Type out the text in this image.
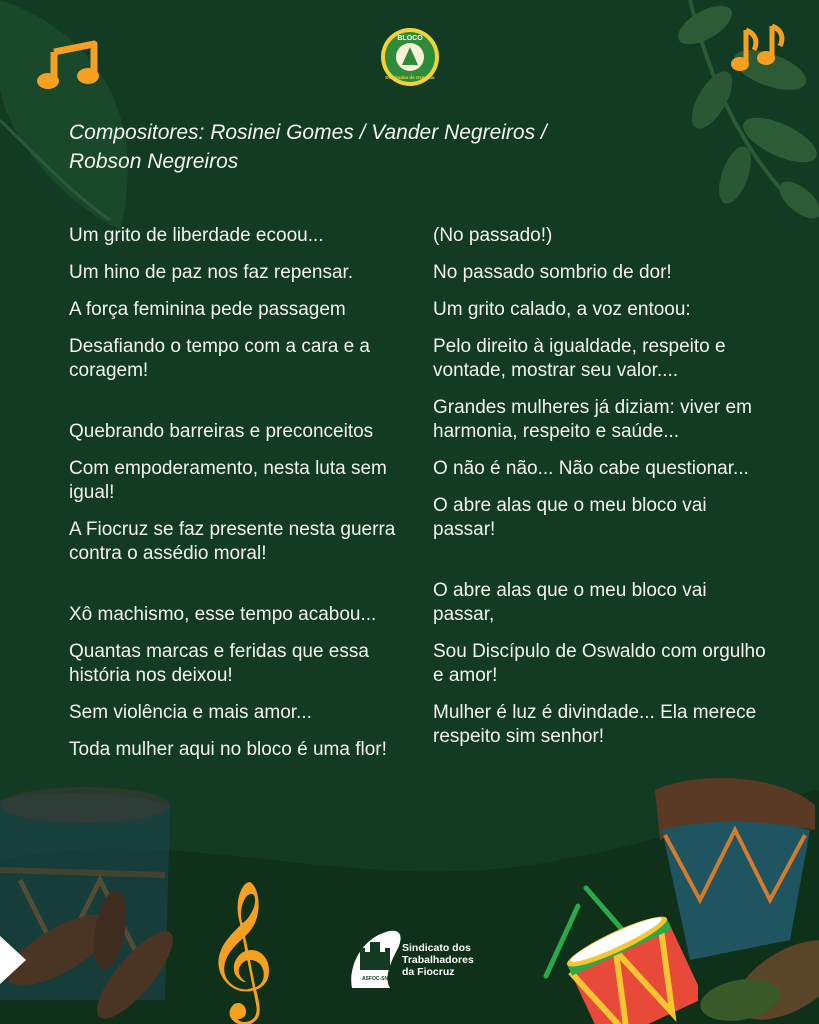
BLOCO
Discípulos de Oswaldo
Compositores: Rosinei Gomes / Vander Negreiros /
Robson Negreiros

Um grito de liberdade ecoou...

Um hino de paz nos faz repensar.

A força feminina pede passagem

Desafiando o tempo com a cara e a coragem!

Quebrando barreiras e preconceitos

Com empoderamento, nesta luta sem igual!

A Fiocruz se faz presente nesta guerra contra o assédio moral!

Xô machismo, esse tempo acabou...

Quantas marcas e feridas que essa história nos deixou!

Sem violência e mais amor...

Toda mulher aqui no bloco é uma flor!

(No passado!)

No passado sombrio de dor!

Um grito calado, a voz entoou:

Pelo direito à igualdade, respeito e vontade, mostrar seu valor....

Grandes mulheres já diziam: viver em harmonia, respeito e saúde...

O não é não... Não cabe questionar...

O abre alas que o meu bloco vai passar!

O abre alas que o meu bloco vai passar,

Sou Discípulo de Oswaldo com orgulho e amor!

Mulher é luz é divindade... Ela merece respeito sim senhor!

𝄞	ASFOC-SN
Sindicato dos
Trabalhadores
da Fiocruz
